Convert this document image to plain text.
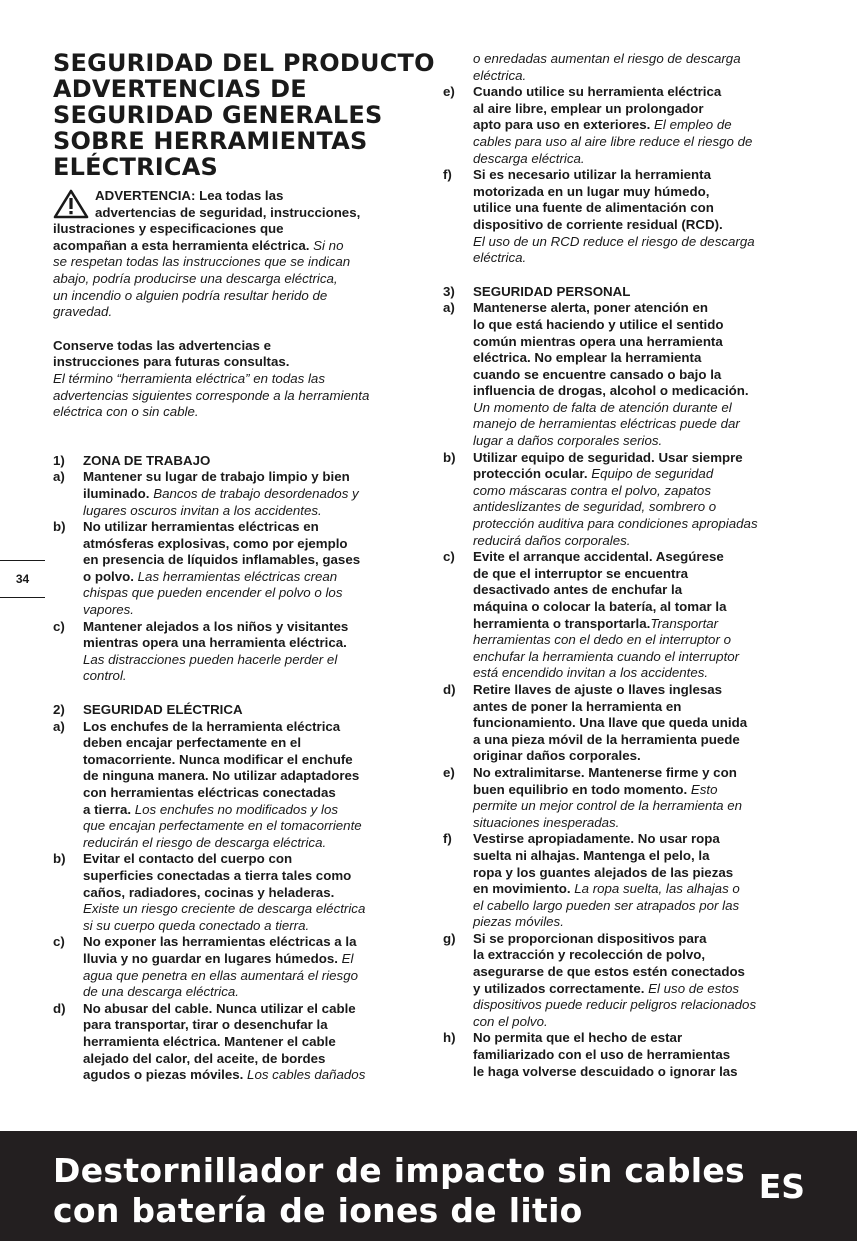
SEGURIDAD DEL PRODUCTO
ADVERTENCIAS DE
SEGURIDAD GENERALES
SOBRE HERRAMIENTAS
ELÉCTRICAS
ADVERTENCIA: Lea todas las
advertencias de seguridad, instrucciones,
ilustraciones y especificaciones que
acompañan a esta herramienta eléctrica. Si no
se respetan todas las instrucciones que se indican
abajo, podría producirse una descarga eléctrica,
un incendio o alguien podría resultar herido de
gravedad.
Conserve todas las advertencias e
instrucciones para futuras consultas.
El término “herramienta eléctrica” en todas las
advertencias siguientes corresponde a la herramienta
eléctrica con o sin cable.
1)	ZONA DE TRABAJO
a)	Mantener su lugar de trabajo limpio y bien
iluminado. Bancos de trabajo desordenados y
lugares oscuros invitan a los accidentes.
b)	No utilizar herramientas eléctricas en
atmósferas explosivas, como por ejemplo
en presencia de líquidos inflamables, gases
o polvo. Las herramientas eléctricas crean
chispas que pueden encender el polvo o los
vapores.
c)	Mantener alejados a los niños y visitantes
mientras opera una herramienta eléctrica.
Las distracciones pueden hacerle perder el
control.
2)	SEGURIDAD ELÉCTRICA
a)	Los enchufes de la herramienta eléctrica
deben encajar perfectamente en el
tomacorriente. Nunca modificar el enchufe
de ninguna manera. No utilizar adaptadores
con herramientas eléctricas conectadas
a tierra. Los enchufes no modificados y los
que encajan perfectamente en el tomacorriente
reducirán el riesgo de descarga eléctrica.
b)	Evitar el contacto del cuerpo con
superficies conectadas a tierra tales como
caños, radiadores, cocinas y heladeras.
Existe un riesgo creciente de descarga eléctrica
si su cuerpo queda conectado a tierra.
c)	No exponer las herramientas eléctricas a la
lluvia y no guardar en lugares húmedos. El
agua que penetra en ellas aumentará el riesgo
de una descarga eléctrica.
d)	No abusar del cable. Nunca utilizar el cable
para transportar, tirar o desenchufar la
herramienta eléctrica. Mantener el cable
alejado del calor, del aceite, de bordes
agudos o piezas móviles. Los cables dañados
o enredadas aumentan el riesgo de descarga
eléctrica.
e)	Cuando utilice su herramienta eléctrica
al aire libre, emplear un prolongador
apto para uso en exteriores. El empleo de
cables para uso al aire libre reduce el riesgo de
descarga eléctrica.
f)	Si es necesario utilizar la herramienta
motorizada en un lugar muy húmedo,
utilice una fuente de alimentación con
dispositivo de corriente residual (RCD).
El uso de un RCD reduce el riesgo de descarga
eléctrica.
3)	SEGURIDAD PERSONAL
a)	Mantenerse alerta, poner atención en
lo que está haciendo y utilice el sentido
común mientras opera una herramienta
eléctrica. No emplear la herramienta
cuando se encuentre cansado o bajo la
influencia de drogas, alcohol o medicación.
Un momento de falta de atención durante el
manejo de herramientas eléctricas puede dar
lugar a daños corporales serios.
b)	Utilizar equipo de seguridad. Usar siempre
protección ocular. Equipo de seguridad
como máscaras contra el polvo, zapatos
antideslizantes de seguridad, sombrero o
protección auditiva para condiciones apropiadas
reducirá daños corporales.
c)	Evite el arranque accidental. Asegúrese
de que el interruptor se encuentra
desactivado antes de enchufar la
máquina o colocar la batería, al tomar la
herramienta o transportarla.Transportar
herramientas con el dedo en el interruptor o
enchufar la herramienta cuando el interruptor
está encendido invitan a los accidentes.
d)	Retire llaves de ajuste o llaves inglesas
antes de poner la herramienta en
funcionamiento. Una llave que queda unida
a una pieza móvil de la herramienta puede
originar daños corporales.
e)	No extralimitarse. Mantenerse firme y con
buen equilibrio en todo momento. Esto
permite un mejor control de la herramienta en
situaciones inesperadas.
f)	Vestirse apropiadamente. No usar ropa
suelta ni alhajas. Mantenga el pelo, la
ropa y los guantes alejados de las piezas
en movimiento. La ropa suelta, las alhajas o
el cabello largo pueden ser atrapados por las
piezas móviles.
g)	Si se proporcionan dispositivos para
la extracción y recolección de polvo,
asegurarse de que estos estén conectados
y utilizados correctamente. El uso de estos
dispositivos puede reducir peligros relacionados
con el polvo.
h)	No permita que el hecho de estar
familiarizado con el uso de herramientas
le haga volverse descuidado o ignorar las
34
Destornillador de impacto sin cables
con batería de iones de litio
ES
